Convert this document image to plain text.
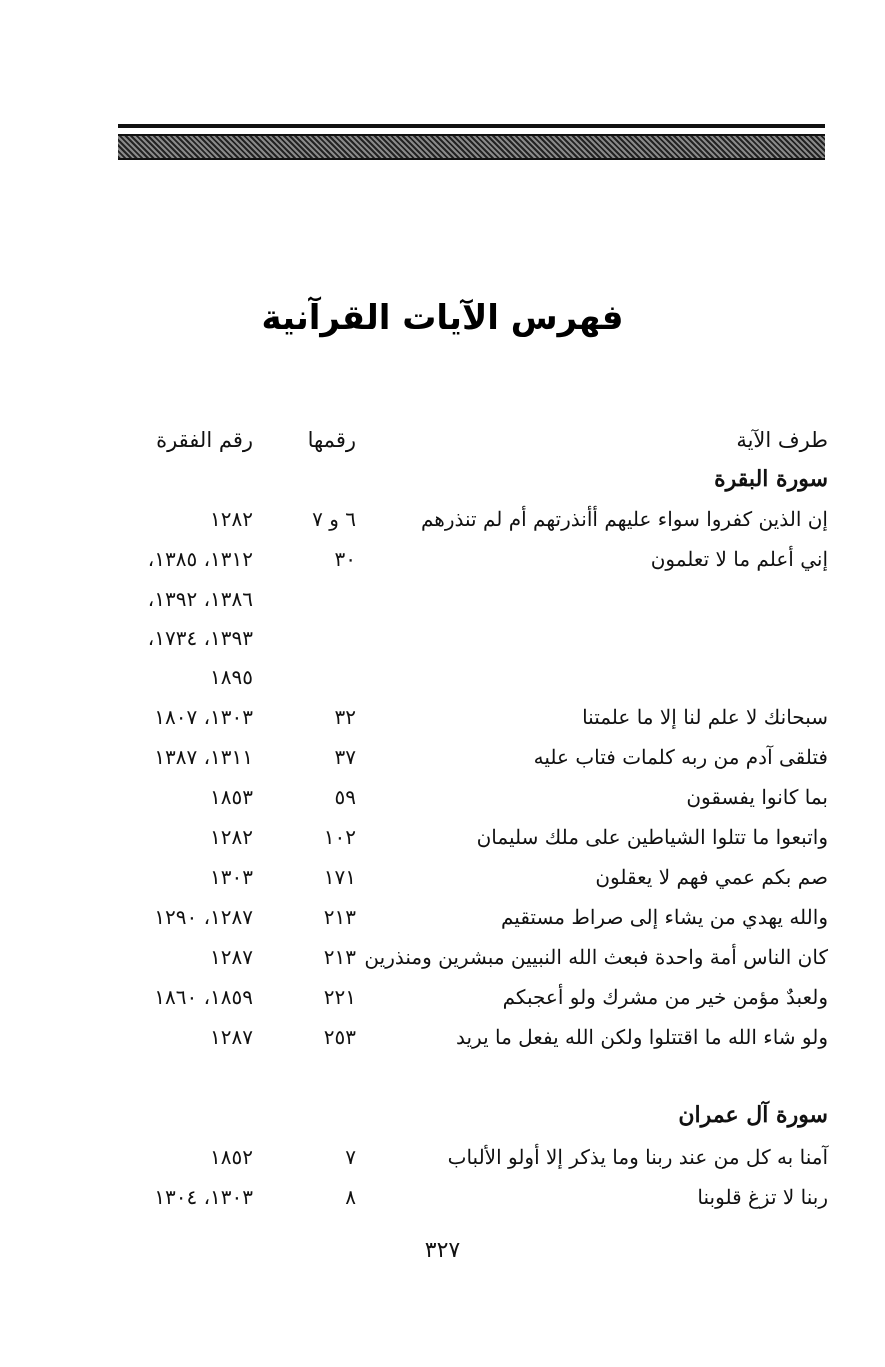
فهرس الآيات القرآنية
طرف الآية
رقمها
رقم الفقرة
سورة البقرة
إن الذين كفروا سواء عليهم أأنذرتهم أم لم تنذرهم
٦ و ٧
١٢٨٢
إني أعلم ما لا تعلمون
٣٠
١٣١٢، ١٣٨٥،
١٣٨٦، ١٣٩٢،
١٣٩٣، ١٧٣٤،
١٨٩٥
سبحانك لا علم لنا إلا ما علمتنا
٣٢
١٣٠٣، ١٨٠٧
فتلقى آدم من ربه كلمات فتاب عليه
٣٧
١٣١١، ١٣٨٧
بما كانوا يفسقون
٥٩
١٨٥٣
واتبعوا ما تتلوا الشياطين على ملك سليمان
١٠٢
١٢٨٢
صم بكم عمي فهم لا يعقلون
١٧١
١٣٠٣
والله يهدي من يشاء إلى صراط مستقيم
٢١٣
١٢٨٧، ١٢٩٠
كان الناس أمة واحدة فبعث الله النبيين مبشرين ومنذرين
٢١٣
١٢٨٧
ولعبدٌ مؤمن خير من مشرك ولو أعجبكم
٢٢١
١٨٥٩، ١٨٦٠
ولو شاء الله ما اقتتلوا ولكن الله يفعل ما يريد
٢٥٣
١٢٨٧
سورة آل عمران
آمنا به كل من عند ربنا وما يذكر إلا أولو الألباب
٧
١٨٥٢
ربنا لا تزغ قلوبنا
٨
١٣٠٣، ١٣٠٤
٣٢٧
